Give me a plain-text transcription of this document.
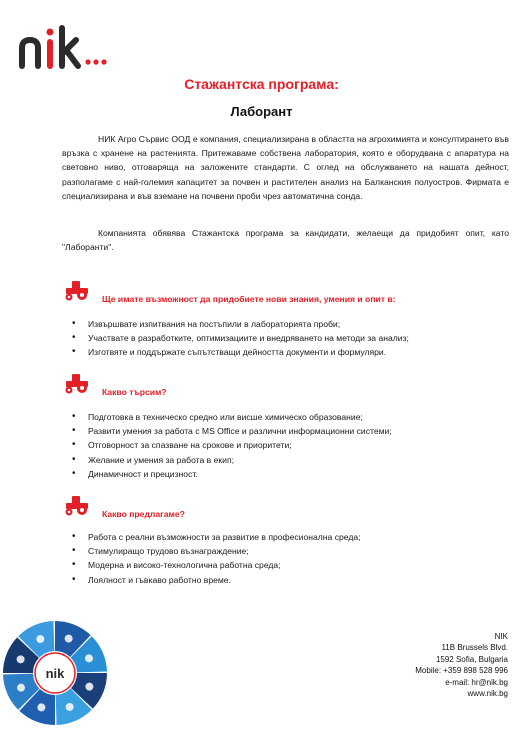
Стажантска програма:
Лаборант

НИК Агро Сървис ООД е компания, специализирана в областта на агрохимията и консултирането във връзка с хранене на растенията. Притежаваме собствена лаборатория, която е оборудвана с апаратура на световно ниво, отговаряща на заложените стандарти. С оглед на обслужването на нашата дейност, разполагаме с най-големия капацитет за почвен и растителен анализ на Балканския полуостров. Фирмата е специализирана и във вземане на почвени проби чрез автоматична сонда.

Компанията обявява Стажантска програма за кандидати, желаещи да придобият опит, като "Лаборанти".

Ще имате възможност да придобиете нови знания, умения и опит в:
• Извършвате изпитвания на постъпили в лабораторията проби;
• Участвате в разработките, оптимизациите и внедряването на методи за анализ;
• Изготвяте и поддържате съпътстващи дейността документи и формуляри.
Какво търсим?
• Подготовка в техническо средно или висше химическо образование;
• Развити умения за работа с MS Office и различни информационни системи;
• Отговорност за спазване на срокове и приоритети;
• Желание и умения за работа в екип;
• Динамичност и прецизност.
Какво предлагаме?
• Работа с реални възможности за развитие в професионална среда;
• Стимулиращо трудово възнаграждение;
• Модерна и високо-технологична работна среда;
• Лоялност и гъвкаво работно време.
nik
NIK
11B Brussels Blvd.
1592 Sofia, Bulgaria
Mobile: +359 898 528 996
e-mail: hr@nik.bg
www.nik.bg
